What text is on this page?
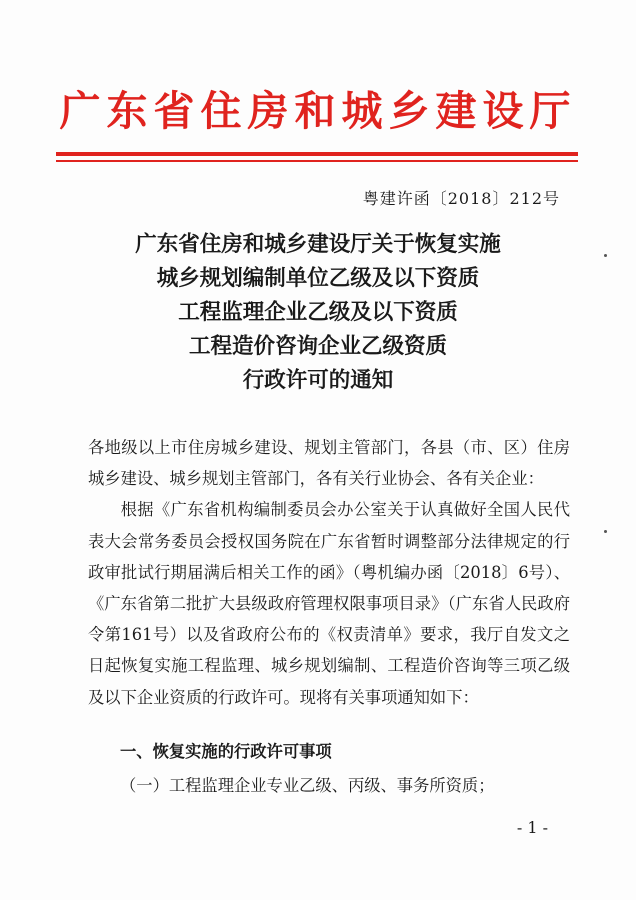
广东省住房和城乡建设厅
粤建许函〔2018〕212号
广东省住房和城乡建设厅关于恢复实施
城乡规划编制单位乙级及以下资质
工程监理企业乙级及以下资质
工程造价咨询企业乙级资质
行政许可的通知

各地级以上市住房城乡建设、规划主管部门，各县（市、区）住房城乡建设、城乡规划主管部门，各有关行业协会、各有关企业：

根据《广东省机构编制委员会办公室关于认真做好全国人民代表大会常务委员会授权国务院在广东省暂时调整部分法律规定的行政审批试行期届满后相关工作的函》（粤机编办函〔2018〕6号）、《广东省第二批扩大县级政府管理权限事项目录》（广东省人民政府令第161号）以及省政府公布的《权责清单》要求，我厅自发文之日起恢复实施工程监理、城乡规划编制、工程造价咨询等三项乙级及以下企业资质的行政许可。现将有关事项通知如下：

一、恢复实施的行政许可事项
（一）工程监理企业专业乙级、丙级、事务所资质；
- 1 -
